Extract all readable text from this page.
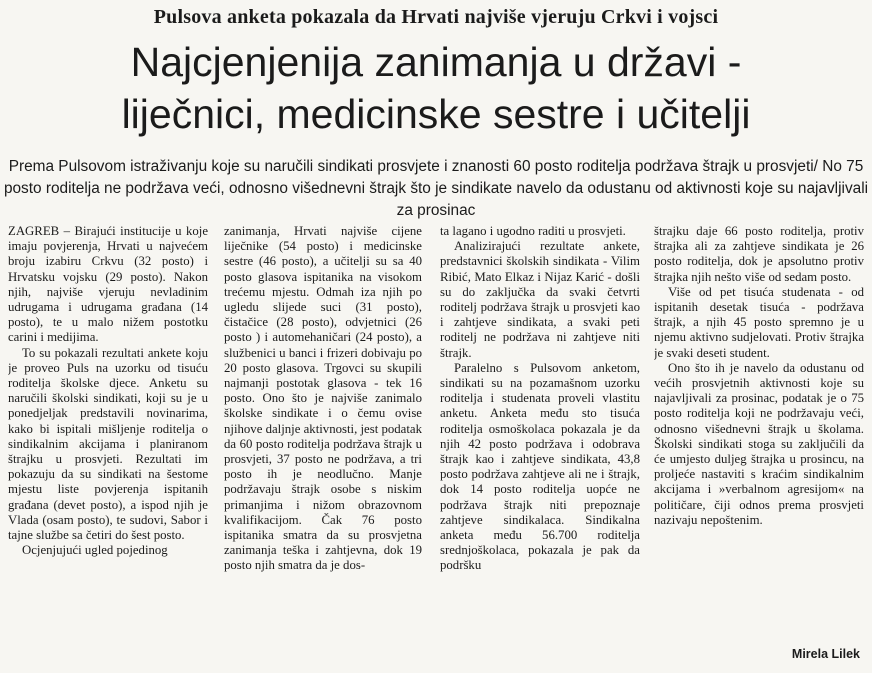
Pulsova anketa pokazala da Hrvati najviše vjeruju Crkvi i vojsci
Najcjenjenija zanimanja u državi -
liječnici, medicinske sestre i učitelji
Prema Pulsovom istraživanju koje su naručili sindikati prosvjete i znanosti 60 posto roditelja podržava štrajk u prosvjeti/ No 75 posto roditelja ne podržava veći, odnosno višednevni štrajk što je sindikate navelo da odustanu od aktivnosti koje su najavljivali za prosinac

ZAGREB – Birajući institucije u koje imaju povjerenja, Hrvati u najvećem broju izabiru Crkvu (32 posto) i Hrvatsku vojsku (29 posto). Nakon njih, najviše vjeruju nevladinim udrugama i udrugama građana (14 posto), te u malo nižem postotku carini i medijima.

To su pokazali rezultati ankete koju je proveo Puls na uzorku od tisuću roditelja školske djece. Anketu su naručili školski sindikati, koji su je u ponedjeljak predstavili novinarima, kako bi ispitali mišljenje roditelja o sindikalnim akcijama i planiranom štrajku u prosvjeti. Rezultati im pokazuju da su sindikati na šestome mjestu liste povjerenja ispitanih građana (devet posto), a ispod njih je Vlada (osam posto), te sudovi, Sabor i tajne službe sa četiri do šest posto.

Ocjenjujući ugled pojedinog

zanimanja, Hrvati najviše cijene liječnike (54 posto) i medicinske sestre (46 posto), a učitelji su sa 40 posto glasova ispitanika na visokom trećemu mjestu. Odmah iza njih po ugledu slijede suci (31 posto), čistačice (28 posto), odvjetnici (26 posto ) i automehaničari (24 posto), a službenici u banci i frizeri dobivaju po 20 posto glasova. Trgovci su skupili najmanji postotak glasova - tek 16 posto. Ono što je najviše zanimalo školske sindikate i o čemu ovise njihove daljnje aktivnosti, jest podatak da 60 posto roditelja podržava štrajk u prosvjeti, 37 posto ne podržava, a tri posto ih je neodlučno. Manje podržavaju štrajk osobe s niskim primanjima i nižom obrazovnom kvalifikacijom. Čak 76 posto ispitanika smatra da su prosvjetna zanimanja teška i zahtjevna, dok 19 posto njih smatra da je dos-

ta lagano i ugodno raditi u prosvjeti.

Analizirajući rezultate ankete, predstavnici školskih sindikata - Vilim Ribić, Mato Elkaz i Nijaz Karić - došli su do zaključka da svaki četvrti roditelj podržava štrajk u prosvjeti kao i zahtjeve sindikata, a svaki peti roditelj ne podržava ni zahtjeve niti štrajk.

Paralelno s Pulsovom anketom, sindikati su na pozamašnom uzorku roditelja i studenata proveli vlastitu anketu. Anketa među sto tisuća roditelja osmoškolaca pokazala je da njih 42 posto podržava i odobrava štrajk kao i zahtjeve sindikata, 43,8 posto podržava zahtjeve ali ne i štrajk, dok 14 posto roditelja uopće ne podržava štrajk niti prepoznaje zahtjeve sindikalaca. Sindikalna anketa među 56.700 roditelja srednjoškolaca, pokazala je pak da podršku

štrajku daje 66 posto roditelja, protiv štrajka ali za zahtjeve sindikata je 26 posto roditelja, dok je apsolutno protiv štrajka njih nešto više od sedam posto.

Više od pet tisuća studenata - od ispitanih desetak tisuća - podržava štrajk, a njih 45 posto spremno je u njemu aktivno sudjelovati. Protiv štrajka je svaki deseti student.

Ono što ih je navelo da odustanu od većih prosvjetnih aktivnosti koje su najavljivali za prosinac, podatak je o 75 posto roditelja koji ne podržavaju veći, odnosno višednevni štrajk u školama. Školski sindikati stoga su zaključili da će umjesto duljeg štrajka u prosincu, na proljeće nastaviti s kraćim sindikalnim akcijama i »verbalnom agresijom« na političare, čiji odnos prema prosvjeti nazivaju nepoštenim.

Mirela Lilek
